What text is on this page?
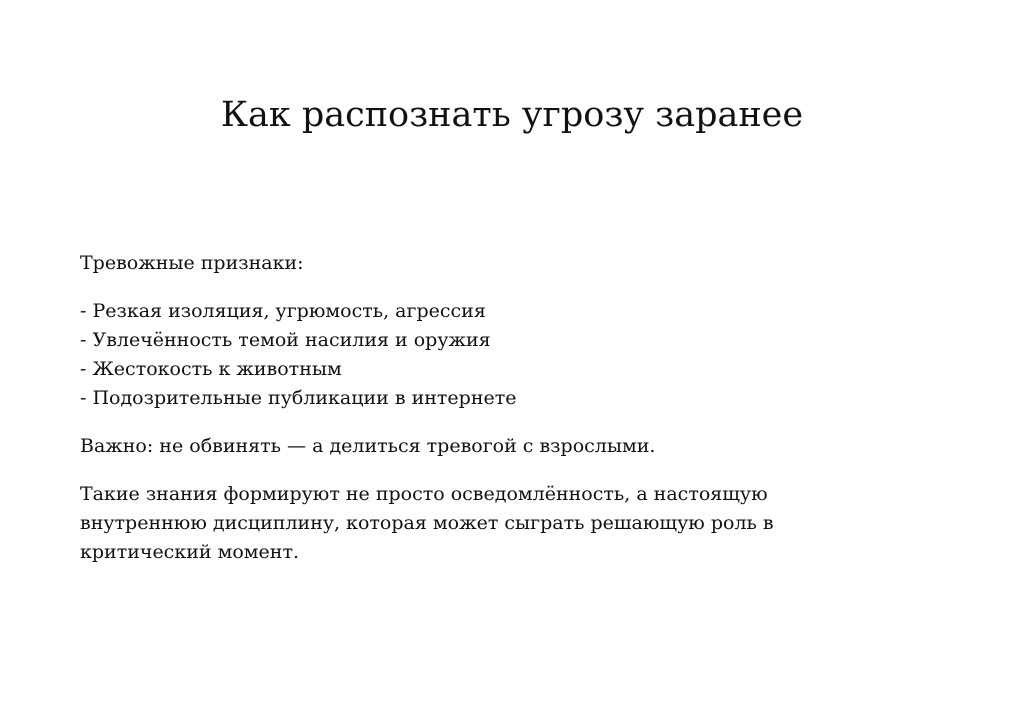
Как распознать угрозу заранее

Тревожные признаки:

- Резкая изоляция, угрюмость, агрессия
- Увлечённость темой насилия и оружия
- Жестокость к животным
- Подозрительные публикации в интернете

Важно: не обвинять — а делиться тревогой с взрослыми.

Такие знания формируют не просто осведомлённость, а настоящую внутреннюю дисциплину, которая может сыграть решающую роль в критический момент.
